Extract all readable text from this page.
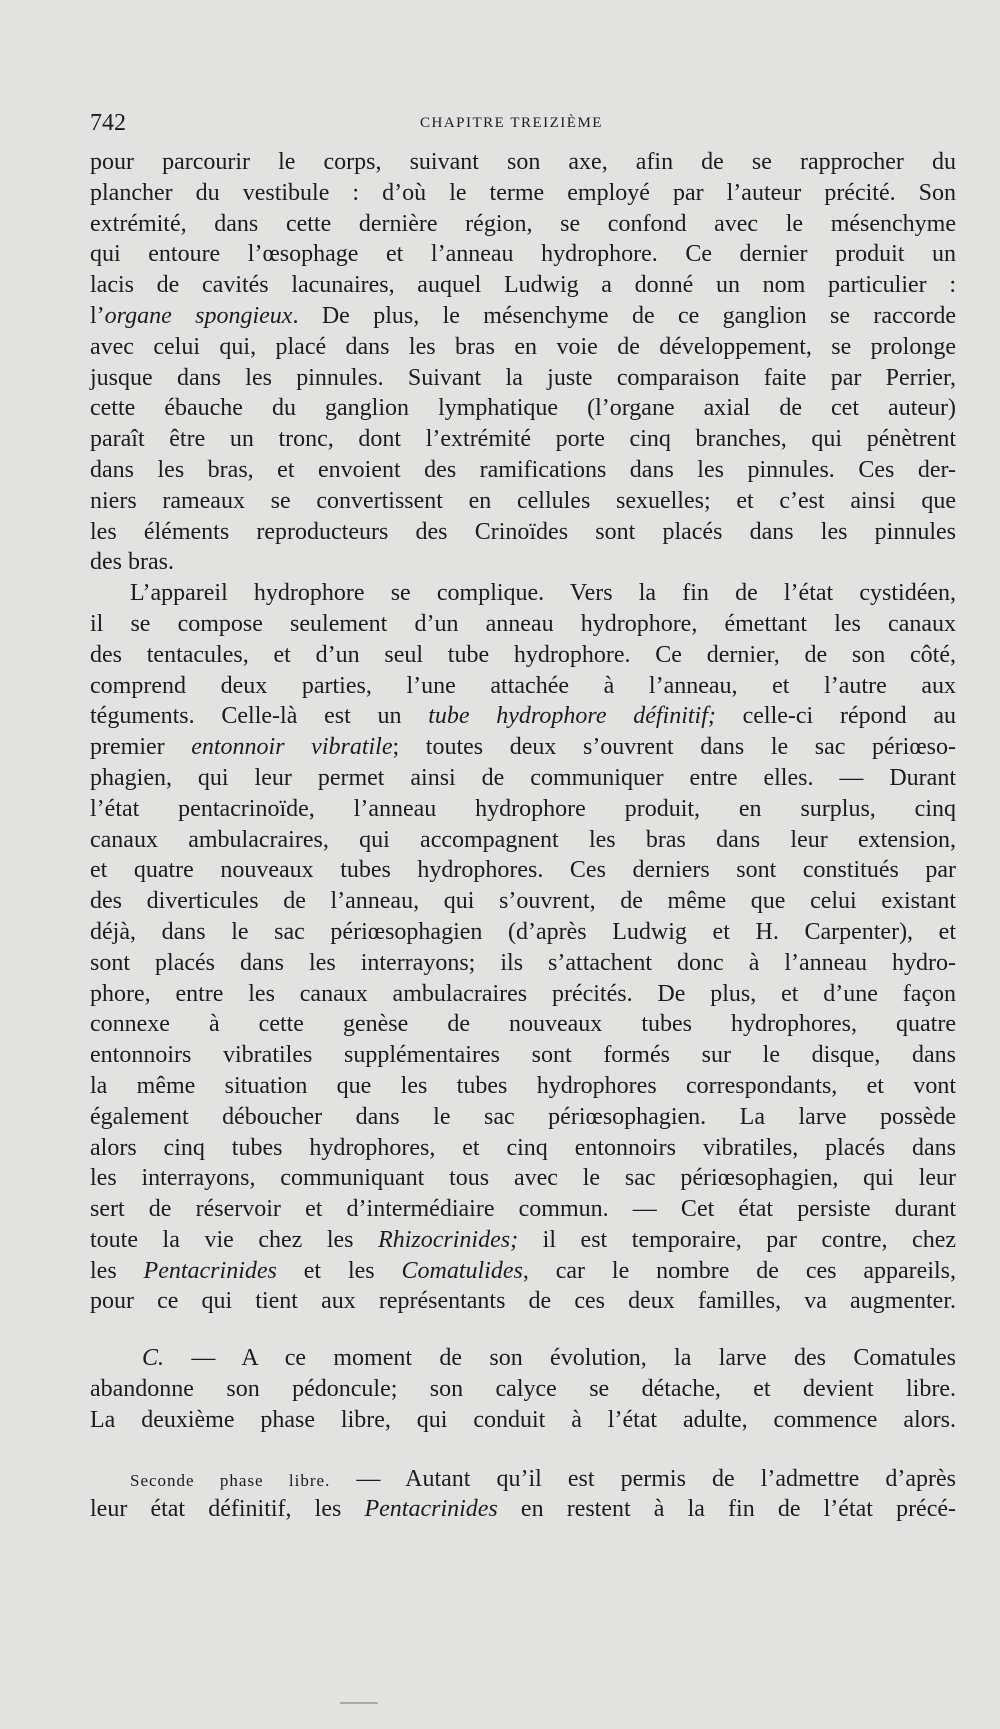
742	CHAPITRE TREIZIÈME
pour parcourir le corps, suivant son axe, afin de se rapprocher du
plancher du vestibule : d’où le terme employé par l’auteur précité. Son
extrémité, dans cette dernière région, se confond avec le mésenchyme
qui entoure l’œsophage et l’anneau hydrophore. Ce dernier produit un
lacis de cavités lacunaires, auquel Ludwig a donné un nom particulier :
l’organe spongieux. De plus, le mésenchyme de ce ganglion se raccorde
avec celui qui, placé dans les bras en voie de développement, se prolonge
jusque dans les pinnules. Suivant la juste comparaison faite par Perrier,
cette ébauche du ganglion lymphatique (l’organe axial de cet auteur)
paraît être un tronc, dont l’extrémité porte cinq branches, qui pénètrent
dans les bras, et envoient des ramifications dans les pinnules. Ces der-
niers rameaux se convertissent en cellules sexuelles; et c’est ainsi que
les éléments reproducteurs des Crinoïdes sont placés dans les pinnules
des bras.
L’appareil hydrophore se complique. Vers la fin de l’état cystidéen,
il se compose seulement d’un anneau hydrophore, émettant les canaux
des tentacules, et d’un seul tube hydrophore. Ce dernier, de son côté,
comprend deux parties, l’une attachée à l’anneau, et l’autre aux
téguments. Celle-là est un tube hydrophore définitif; celle-ci répond au
premier entonnoir vibratile; toutes deux s’ouvrent dans le sac périœso-
phagien, qui leur permet ainsi de communiquer entre elles. — Durant
l’état pentacrinoïde, l’anneau hydrophore produit, en surplus, cinq
canaux ambulacraires, qui accompagnent les bras dans leur extension,
et quatre nouveaux tubes hydrophores. Ces derniers sont constitués par
des diverticules de l’anneau, qui s’ouvrent, de même que celui existant
déjà, dans le sac périœsophagien (d’après Ludwig et H. Carpenter), et
sont placés dans les interrayons; ils s’attachent donc à l’anneau hydro-
phore, entre les canaux ambulacraires précités. De plus, et d’une façon
connexe à cette genèse de nouveaux tubes hydrophores, quatre
entonnoirs vibratiles supplémentaires sont formés sur le disque, dans
la même situation que les tubes hydrophores correspondants, et vont
également déboucher dans le sac périœsophagien. La larve possède
alors cinq tubes hydrophores, et cinq entonnoirs vibratiles, placés dans
les interrayons, communiquant tous avec le sac périœsophagien, qui leur
sert de réservoir et d’intermédiaire commun. — Cet état persiste durant
toute la vie chez les Rhizocrinides; il est temporaire, par contre, chez
les Pentacrinides et les Comatulides, car le nombre de ces appareils,
pour ce qui tient aux représentants de ces deux familles, va augmenter.
C. — A ce moment de son évolution, la larve des Comatules
abandonne son pédoncule; son calyce se détache, et devient libre.
La deuxième phase libre, qui conduit à l’état adulte, commence alors.
Seconde phase libre. — Autant qu’il est permis de l’admettre d’après
leur état définitif, les Pentacrinides en restent à la fin de l’état précé-
